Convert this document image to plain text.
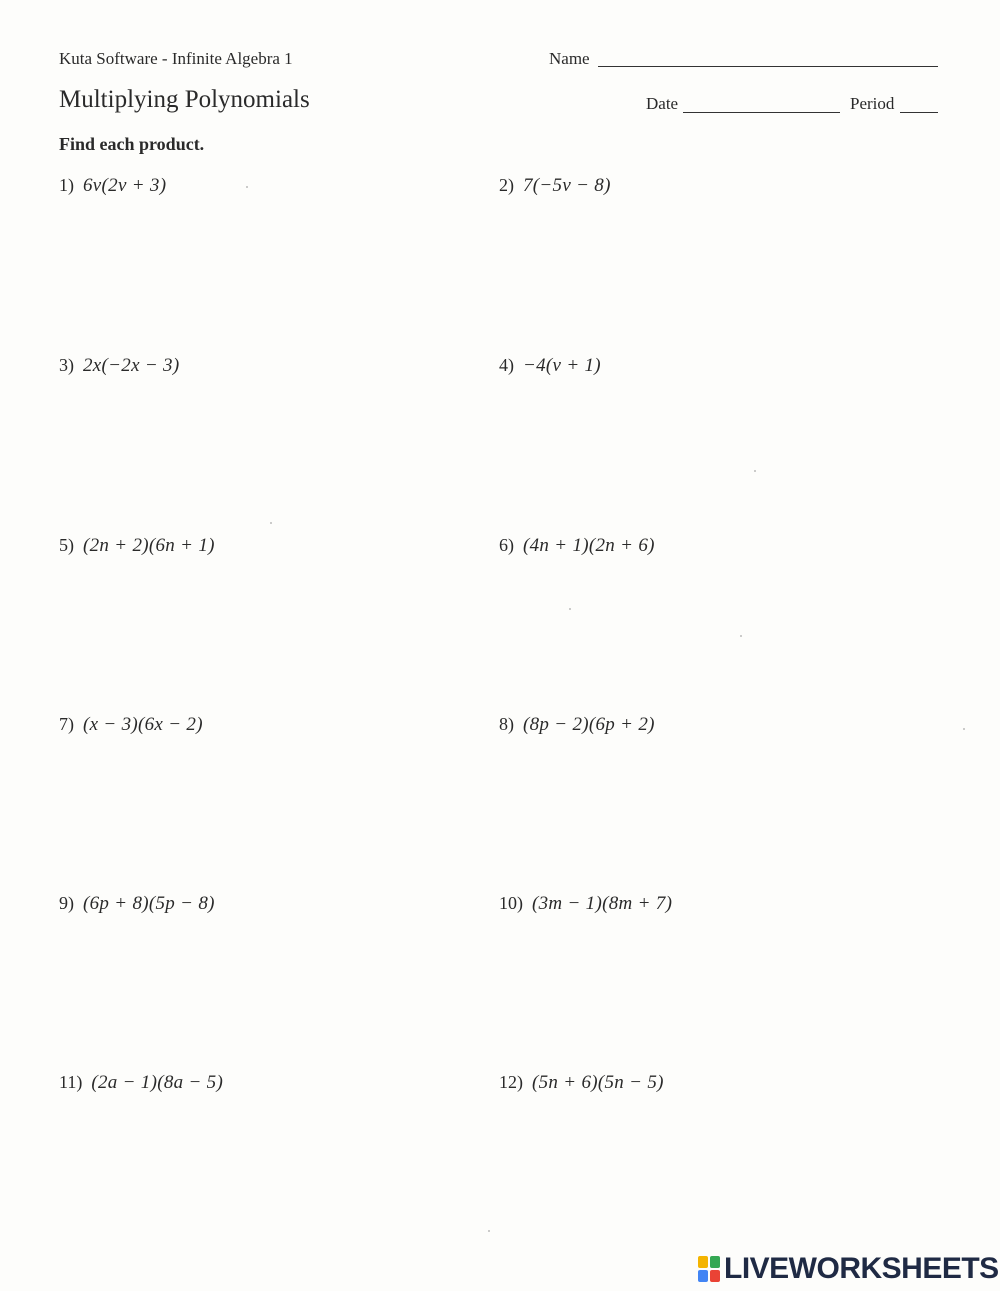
Kuta Software - Infinite Algebra 1
Multiplying Polynomials
Name
Date	Period
Find each product.
1) 6v(2v + 3)	2) 7(−5v − 8)
3) 2x(−2x − 3)	4) −4(v + 1)
5) (2n + 2)(6n + 1)	6) (4n + 1)(2n + 6)
7) (x − 3)(6x − 2)	8) (8p − 2)(6p + 2)
9) (6p + 8)(5p − 8)	10) (3m − 1)(8m + 7)
11) (2a − 1)(8a − 5)	12) (5n + 6)(5n − 5)
LIVEWORKSHEETS
